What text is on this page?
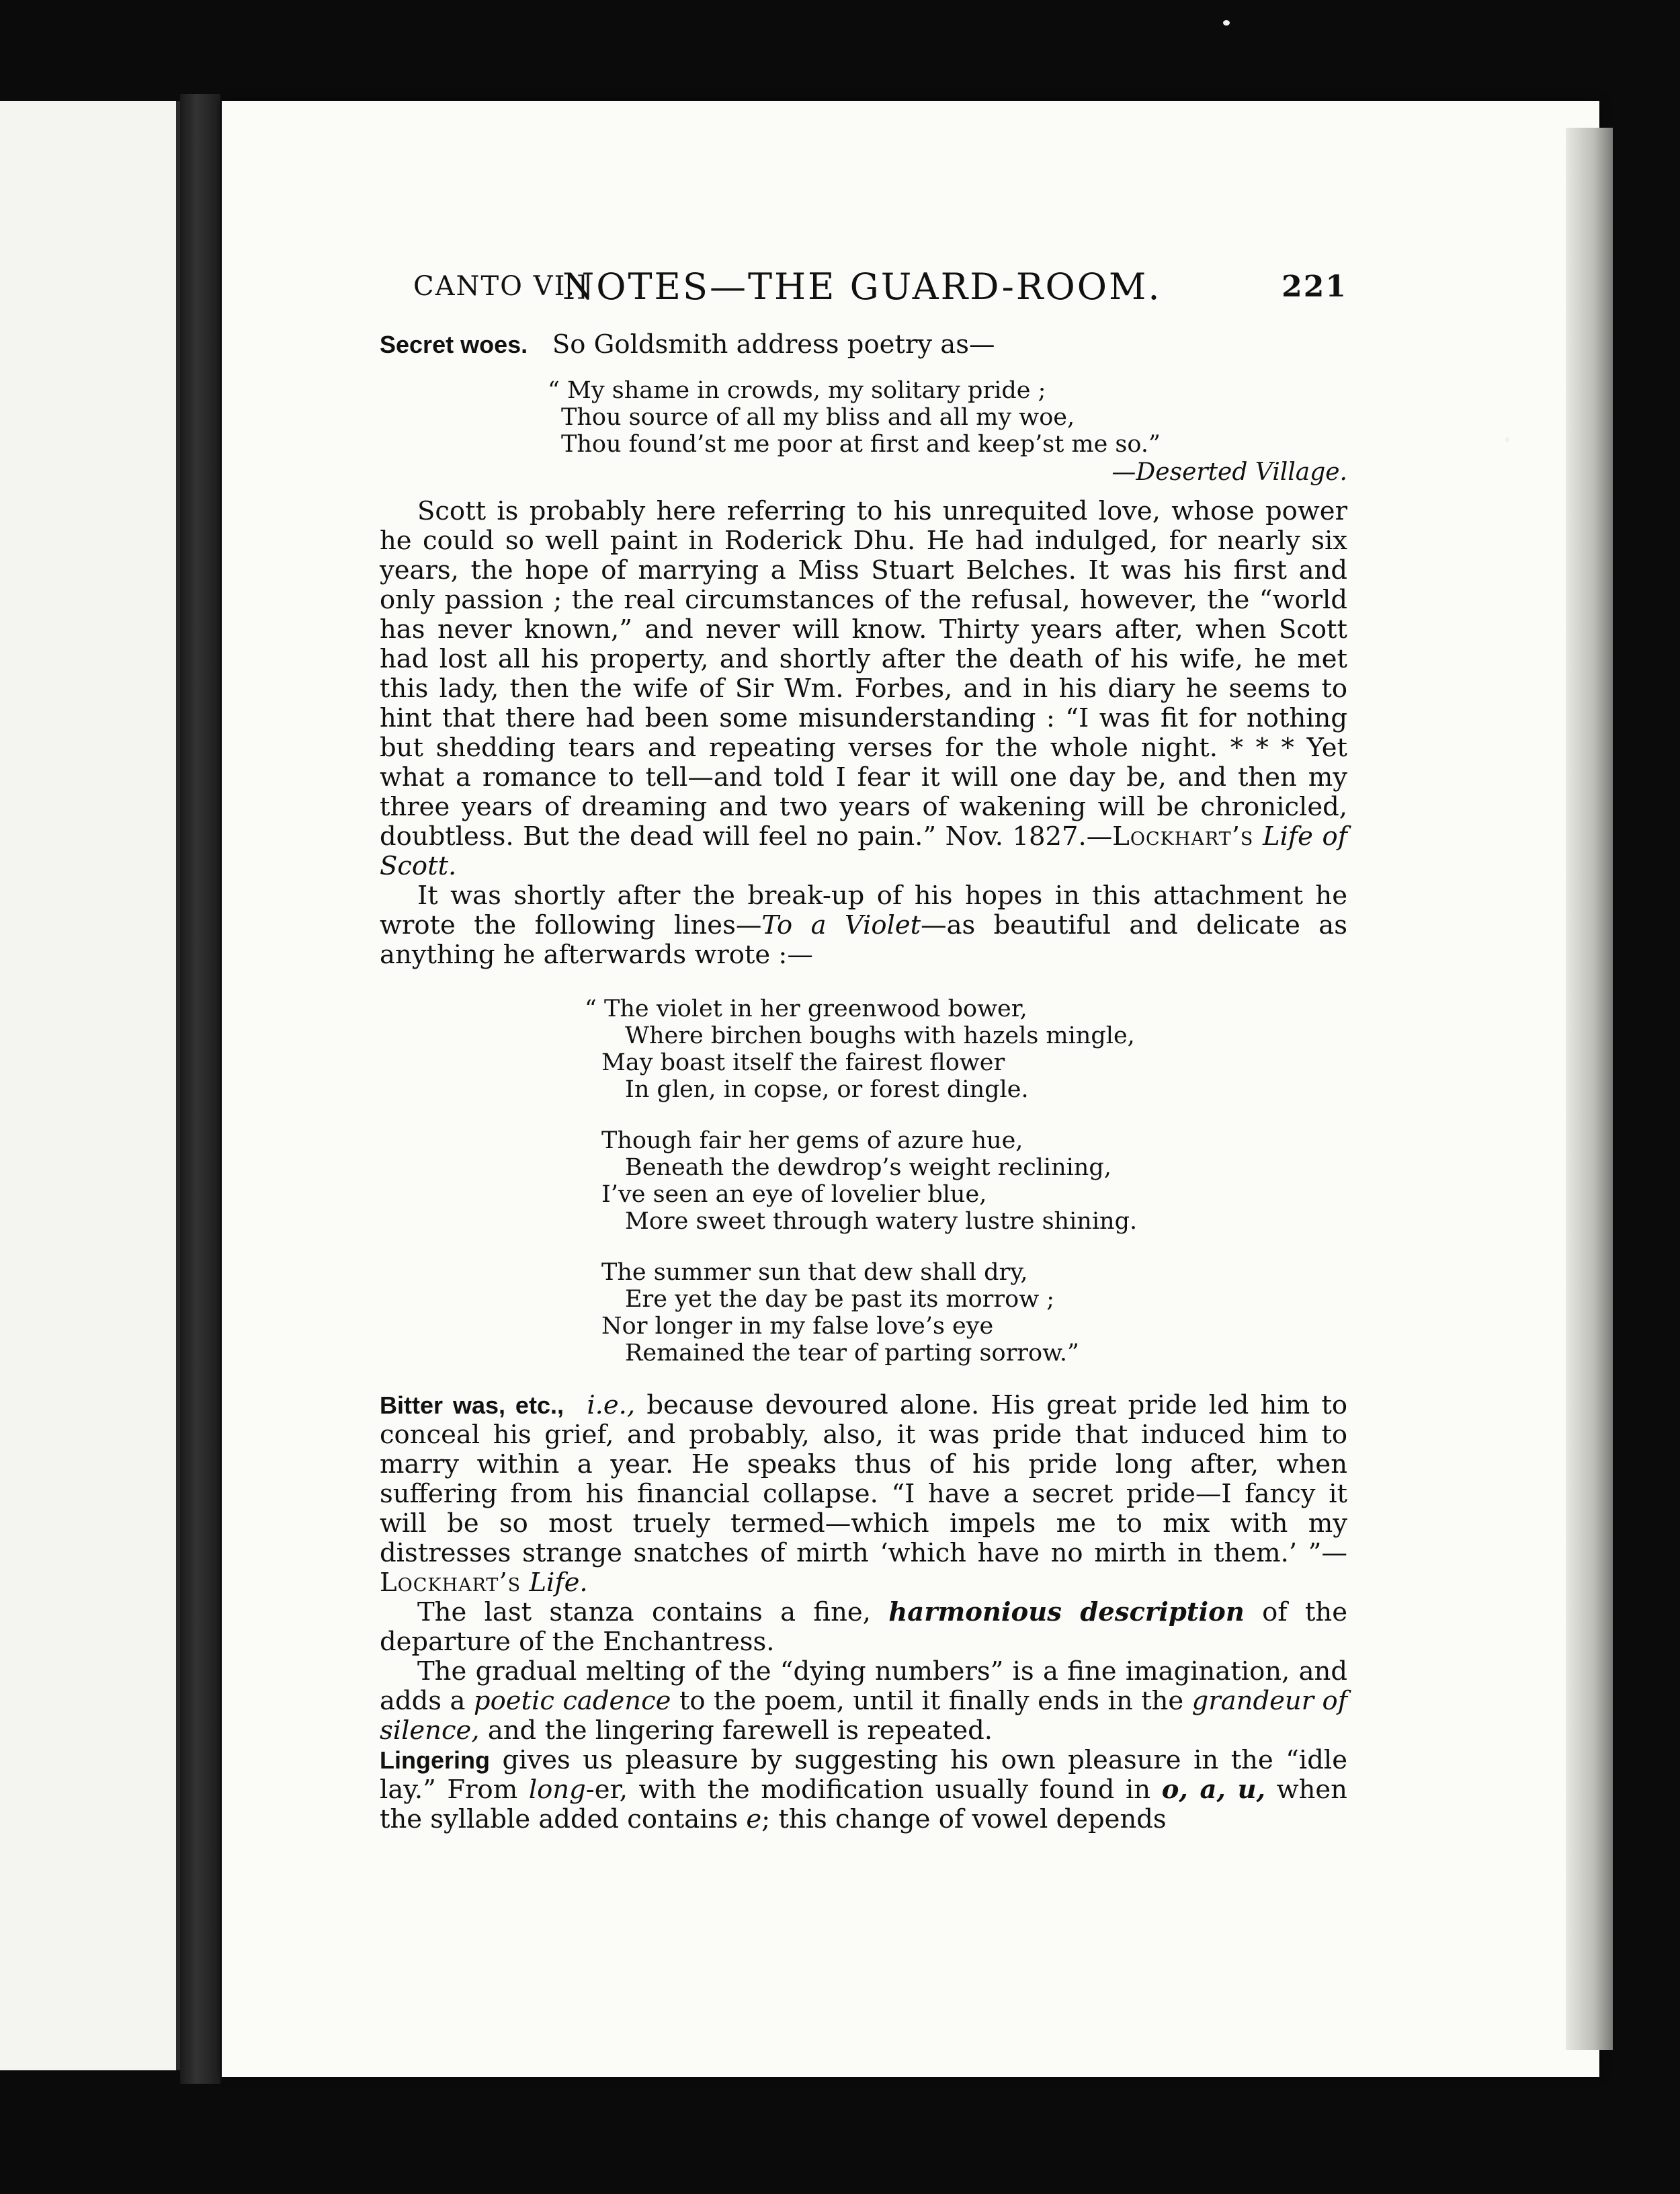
CANTO VI.]
NOTES—THE GUARD-ROOM.	221

Secret woes. So Goldsmith address poetry as—

“ My shame in crowds, my solitary pride ;
Thou source of all my bliss and all my woe,
Thou found’st me poor at first and keep’st me so.”
—Deserted Village.

Scott is probably here referring to his unrequited love, whose power he could so well paint in Roderick Dhu. He had indulged, for nearly six years, the hope of marrying a Miss Stuart Belches. It was his first and only passion ; the real circumstances of the refusal, however, the “world has never known,” and never will know. Thirty years after, when Scott had lost all his property, and shortly after the death of his wife, he met this lady, then the wife of Sir Wm. Forbes, and in his diary he seems to hint that there had been some misunderstanding : “I was fit for nothing but shedding tears and repeating verses for the whole night. * * * Yet what a romance to tell—and told I fear it will one day be, and then my three years of dreaming and two years of wakening will be chronicled, doubtless. But the dead will feel no pain.” Nov. 1827.—Lockhart’s Life of Scott.

It was shortly after the break-up of his hopes in this attachment he wrote the following lines—To a Violet—as beautiful and delicate as anything he afterwards wrote :—

“ The violet in her greenwood bower,
Where birchen boughs with hazels mingle,
May boast itself the fairest flower
In glen, in copse, or forest dingle.
Though fair her gems of azure hue,
Beneath the dewdrop’s weight reclining,
I’ve seen an eye of lovelier blue,
More sweet through watery lustre shining.
The summer sun that dew shall dry,
Ere yet the day be past its morrow ;
Nor longer in my false love’s eye
Remained the tear of parting sorrow.”

Bitter was, etc., i.e., because devoured alone. His great pride led him to conceal his grief, and probably, also, it was pride that induced him to marry within a year. He speaks thus of his pride long after, when suffering from his financial collapse. “I have a secret pride—I fancy it will be so most truely termed—which impels me to mix with my distresses strange snatches of mirth ‘which have no mirth in them.’ ”—Lockhart’s Life.

The last stanza contains a fine, harmonious description of the departure of the Enchantress.

The gradual melting of the “dying numbers” is a fine imagination, and adds a poetic cadence to the poem, until it finally ends in the grandeur of silence, and the lingering farewell is repeated.

Lingering gives us pleasure by suggesting his own pleasure in the “idle lay.” From long-er, with the modification usually found in o, a, u, when the syllable added contains e; this change of vowel depends
